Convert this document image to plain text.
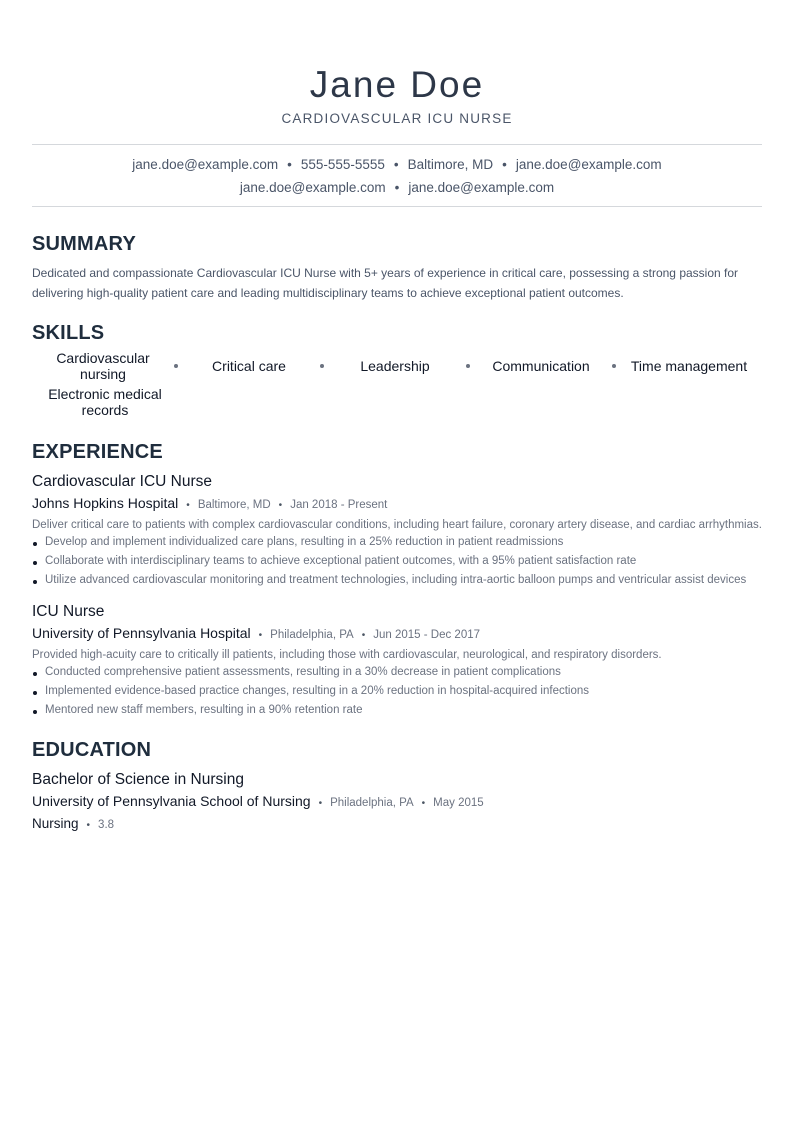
Jane Doe
CARDIOVASCULAR ICU NURSE
jane.doe@example.com • 555-555-5555 • Baltimore, MD • jane.doe@example.com
jane.doe@example.com • jane.doe@example.com
SUMMARY
Dedicated and compassionate Cardiovascular ICU Nurse with 5+ years of experience in critical care, possessing a strong passion for delivering high-quality patient care and leading multidisciplinary teams to achieve exceptional patient outcomes.
SKILLS
Cardiovascular nursing	Critical care	Leadership	Communication	Time management
Electronic medical records
EXPERIENCE
Cardiovascular ICU Nurse
Johns Hopkins Hospital • Baltimore, MD • Jan 2018 - Present
Deliver critical care to patients with complex cardiovascular conditions, including heart failure, coronary artery disease, and cardiac arrhythmias.
Develop and implement individualized care plans, resulting in a 25% reduction in patient readmissions
Collaborate with interdisciplinary teams to achieve exceptional patient outcomes, with a 95% patient satisfaction rate
Utilize advanced cardiovascular monitoring and treatment technologies, including intra-aortic balloon pumps and ventricular assist devices
ICU Nurse
University of Pennsylvania Hospital • Philadelphia, PA • Jun 2015 - Dec 2017
Provided high-acuity care to critically ill patients, including those with cardiovascular, neurological, and respiratory disorders.
Conducted comprehensive patient assessments, resulting in a 30% decrease in patient complications
Implemented evidence-based practice changes, resulting in a 20% reduction in hospital-acquired infections
Mentored new staff members, resulting in a 90% retention rate
EDUCATION
Bachelor of Science in Nursing
University of Pennsylvania School of Nursing • Philadelphia, PA • May 2015
Nursing • 3.8
